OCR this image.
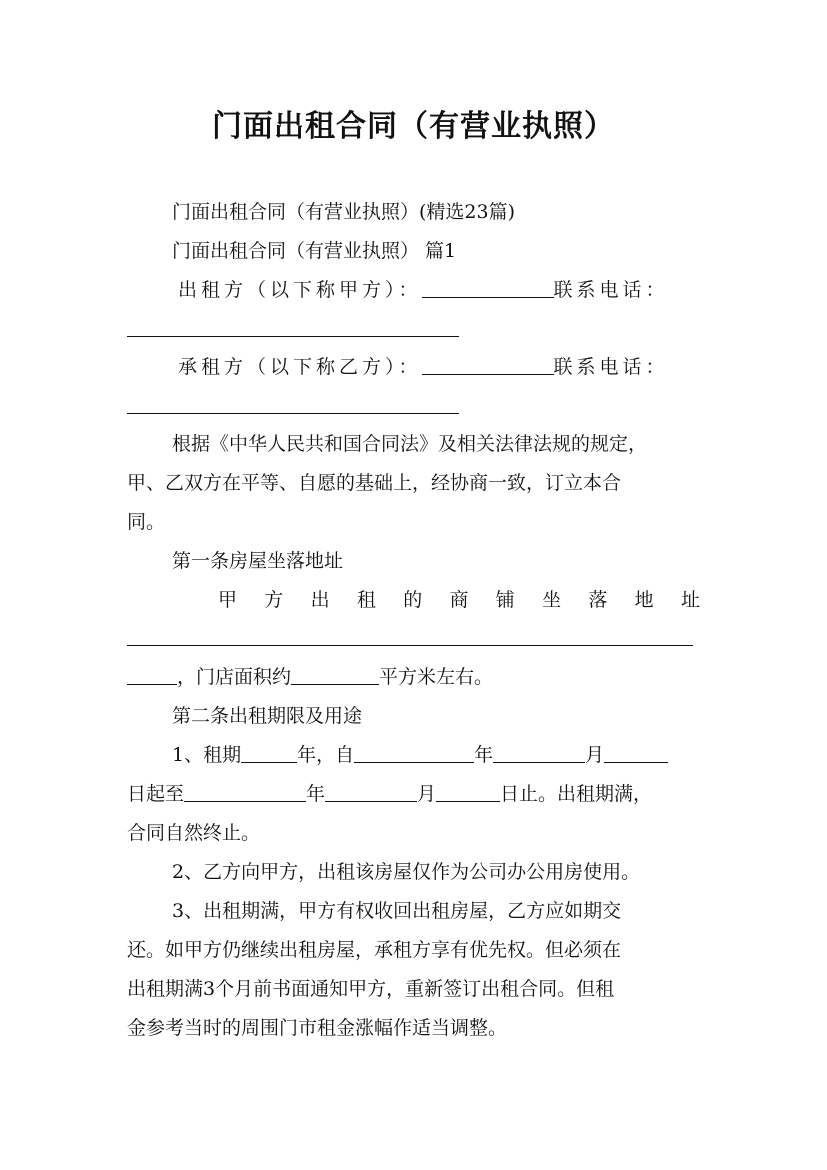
门面出租合同（有营业执照）
门面出租合同（有营业执照）(精选23篇)
门面出租合同（有营业执照） 篇1
出租方（以下称甲方）：	联系电话：
承租方（以下称乙方）：	联系电话：
根据《中华人民共和国合同法》及相关法律法规的规定，
甲、乙双方在平等、自愿的基础上，经协商一致，订立本合
同。
第一条房屋坐落地址
甲 方 出 租 的 商 铺 坐 落 地 址
，门店面积约	平方米左右。
第二条出租期限及用途
1、租期	年，自	年	月
日起至	年	月	日止。出租期满，
合同自然终止。
2、乙方向甲方，出租该房屋仅作为公司办公用房使用。
3、出租期满，甲方有权收回出租房屋，乙方应如期交
还。如甲方仍继续出租房屋，承租方享有优先权。但必须在
出租期满3个月前书面通知甲方，重新签订出租合同。但租
金参考当时的周围门市租金涨幅作适当调整。
